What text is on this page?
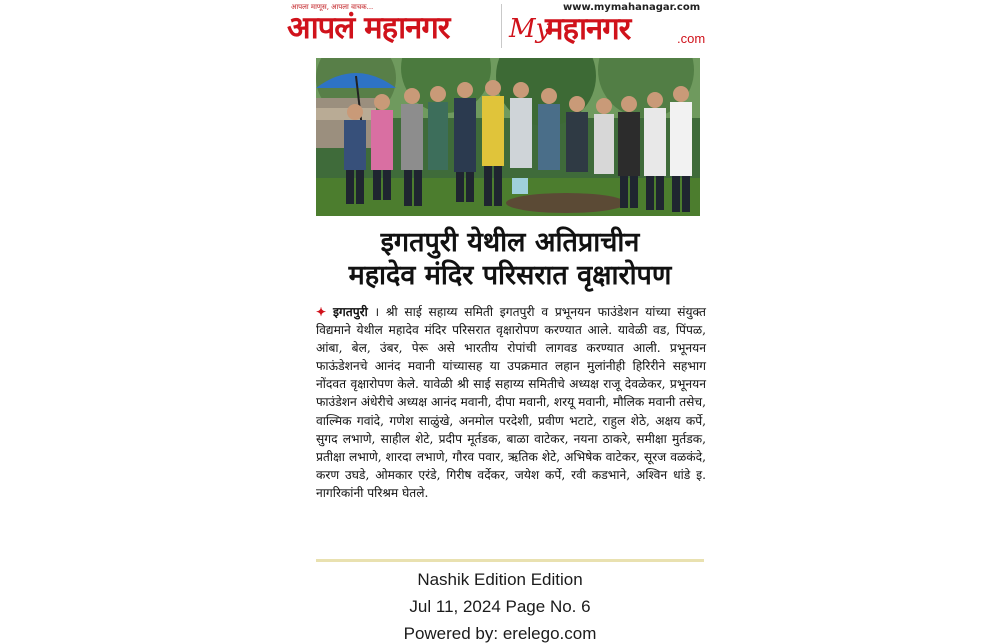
आपला माणूस, आपला वाचक...
आपलं महानगर
www.mymahanagar.com
My
महानगर	.com
इगतपुरी येथील अतिप्राचीन
महादेव मंदिर परिसरात वृक्षारोपण
✦ इगतपुरी । श्री साई सहाय्य समिती इगतपुरी व प्रभूनयन फाउंडेशन यांच्या संयुक्त विद्यमाने येथील महादेव मंदिर परिसरात वृक्षारोपण करण्यात आले. यावेळी वड, पिंपळ, आंबा, बेल, उंबर, पेरू असे भारतीय रोपांची लागवड करण्यात आली. प्रभूनयन फाऊंडेशनचे आनंद मवानी यांच्यासह या उपक्रमात लहान मुलांनीही हिरिरीने सहभाग नोंदवत वृक्षारोपण केले. यावेळी श्री साई सहाय्य समितीचे अध्यक्ष राजू देवळेकर, प्रभूनयन फाउंडेशन अंधेरीचे अध्यक्ष आनंद मवानी, दीपा मवानी, शरयू मवानी, मौलिक मवानी तसेच, वाल्मिक गवांदे, गणेश साळुंखे, अनमोल परदेशी, प्रवीण भटाटे, राहुल शेठे, अक्षय कर्पे, सुगद लभाणे, साहील शेटे, प्रदीप मूर्तडक, बाळा वाटेकर, नयना ठाकरे, समीक्षा मुर्तडक, प्रतीक्षा लभाणे, शारदा लभाणे, गौरव पवार, ऋतिक शेटे, अभिषेक वाटेकर, सूरज वळकंदे, करण उघडे, ओमकार एरंडे, गिरीष वर्देकर, जयेश कर्पे, रवी कडभाने, अश्विन धांडे इ. नागरिकांनी परिश्रम घेतले.
Nashik Edition Edition
Jul 11, 2024 Page No. 6
Powered by: erelego.com
